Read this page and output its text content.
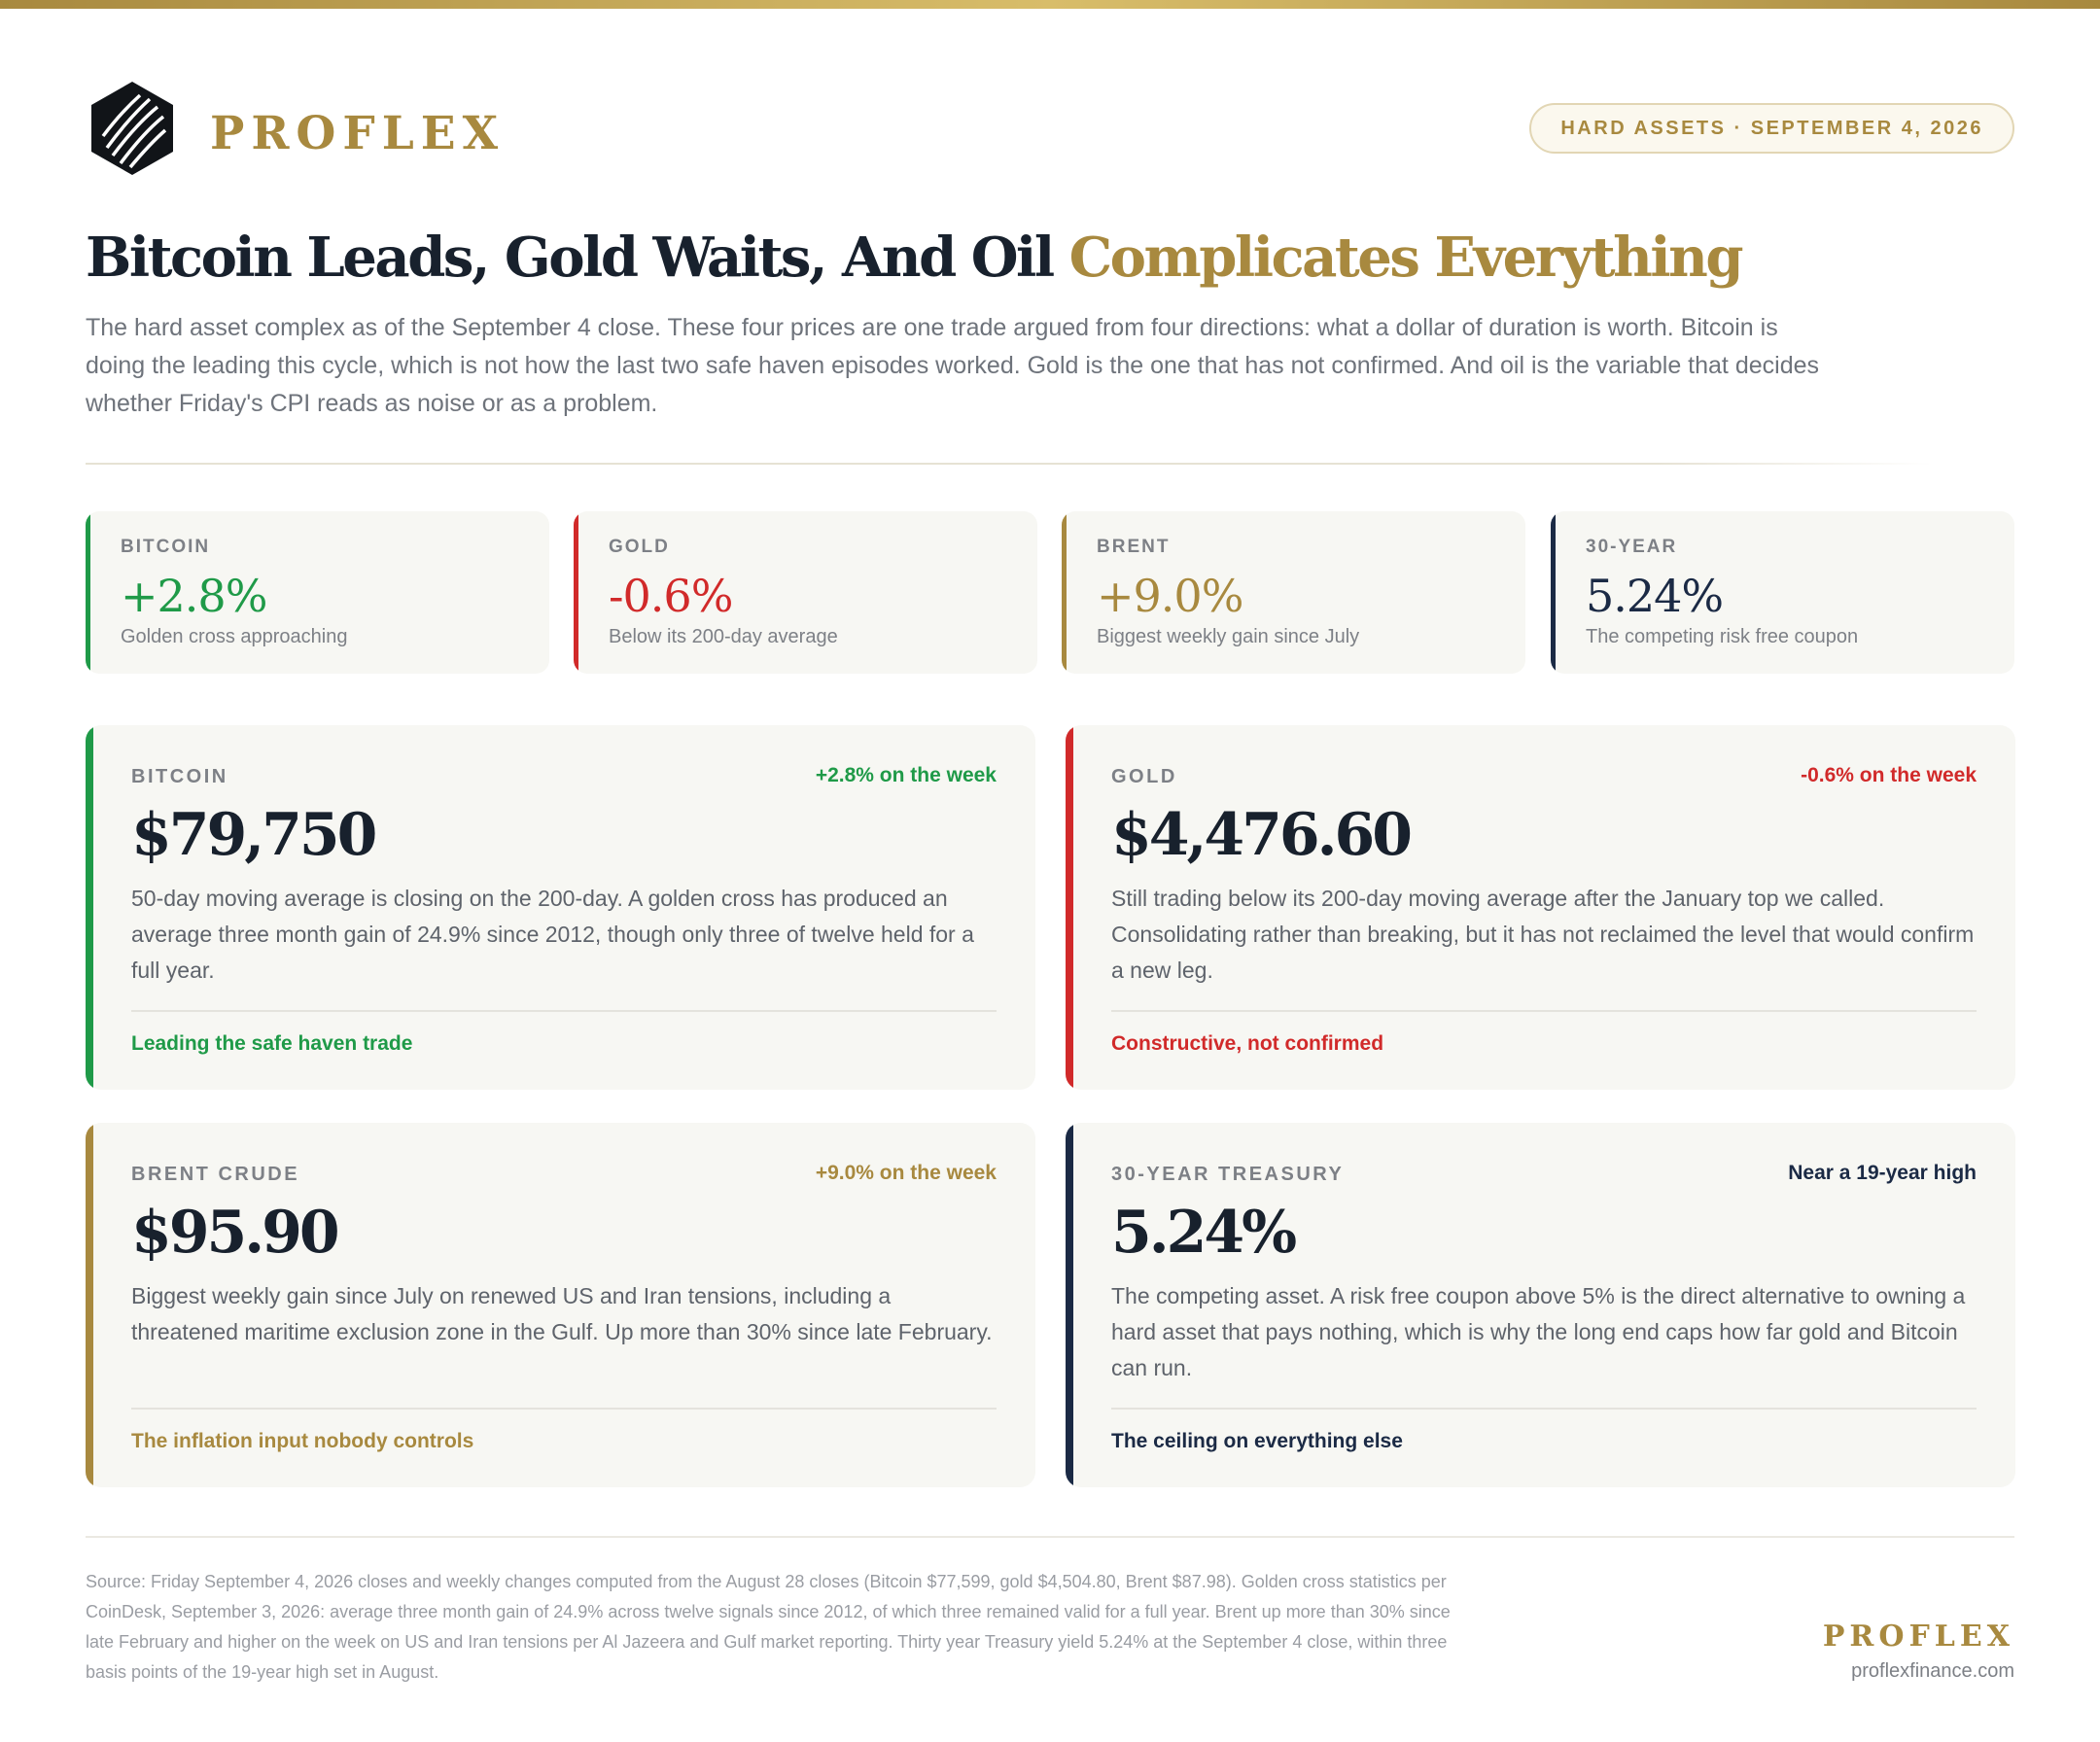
PROFLEX	HARD ASSETS · SEPTEMBER 4, 2026
Bitcoin Leads, Gold Waits, And Oil Complicates Everything

The hard asset complex as of the September 4 close. These four prices are one trade argued from four directions: what a dollar of duration is worth. Bitcoin is doing the leading this cycle, which is not how the last two safe haven episodes worked. Gold is the one that has not confirmed. And oil is the variable that decides whether Friday's CPI reads as noise or as a problem.

BITCOIN
+2.8%
Golden cross approaching
GOLD
-0.6%
Below its 200-day average
BRENT
+9.0%
Biggest weekly gain since July
30-YEAR
5.24%
The competing risk free coupon
BITCOIN	+2.8% on the week
$79,750
50-day moving average is closing on the 200-day. A golden cross has produced an average three month gain of 24.9% since 2012, though only three of twelve held for a full year.
Leading the safe haven trade
GOLD	-0.6% on the week
$4,476.60
Still trading below its 200-day moving average after the January top we called. Consolidating rather than breaking, but it has not reclaimed the level that would confirm a new leg.
Constructive, not confirmed
BRENT CRUDE	+9.0% on the week
$95.90
Biggest weekly gain since July on renewed US and Iran tensions, including a threatened maritime exclusion zone in the Gulf. Up more than 30% since late February.
The inflation input nobody controls
30-YEAR TREASURY	Near a 19-year high
5.24%
The competing asset. A risk free coupon above 5% is the direct alternative to owning a hard asset that pays nothing, which is why the long end caps how far gold and Bitcoin can run.
The ceiling on everything else

Source: Friday September 4, 2026 closes and weekly changes computed from the August 28 closes (Bitcoin $77,599, gold $4,504.80, Brent $87.98). Golden cross statistics per CoinDesk, September 3, 2026: average three month gain of 24.9% across twelve signals since 2012, of which three remained valid for a full year. Brent up more than 30% since late February and higher on the week on US and Iran tensions per Al Jazeera and Gulf market reporting. Thirty year Treasury yield 5.24% at the September 4 close, within three basis points of the 19-year high set in August.

PROFLEX
proflexfinance.com
